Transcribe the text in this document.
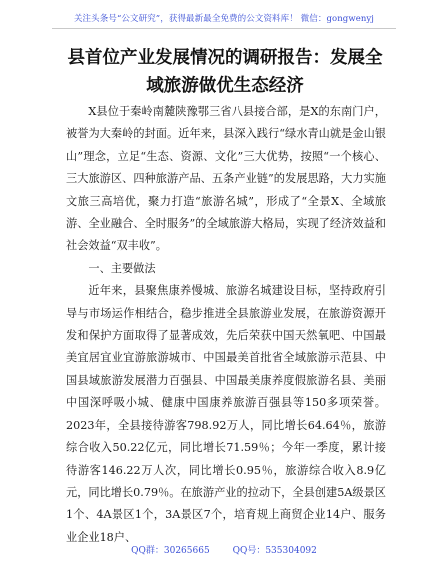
关注头条号“公文研究”，获得最新最全免费的公文资料库！ 微信：gongwenyj
县首位产业发展情况的调研报告：发展全域旅游做优生态经济

X县位于秦岭南麓陕豫鄂三省八县接合部，是X的东南门户，被誉为大秦岭的封面。近年来，县深入践行“绿水青山就是金山银山”理念，立足“生态、资源、文化”三大优势，按照“一个核心、三大旅游区、四种旅游产品、五条产业链”的发展思路，大力实施文旅三高培优，聚力打造“旅游名城”，形成了“全景X、全域旅游、全业融合、全时服务”的全域旅游大格局，实现了经济效益和社会效益“双丰收”。

一、主要做法

近年来，县聚焦康养慢城、旅游名城建设目标，坚持政府引导与市场运作相结合，稳步推进全县旅游业发展，在旅游资源开发和保护方面取得了显著成效，先后荣获中国天然氧吧、中国最美宜居宜业宜游旅游城市、中国最美首批省全域旅游示范县、中国县域旅游发展潜力百强县、中国最美康养度假旅游名县、美丽中国深呼吸小城、健康中国康养旅游百强县等150多项荣誉。2023年，全县接待游客798.92万人，同比增长64.64％，旅游综合收入50.22亿元，同比增长71.59％；今年一季度，累计接待游客146.22万人次，同比增长0.95％，旅游综合收入8.9亿元，同比增长0.79％。在旅游产业的拉动下，全县创建5A级景区1个、4A景区1个，3A景区7个，培育规上商贸企业14户、服务业企业18户、

QQ群：30265665	QQ号：535304092
